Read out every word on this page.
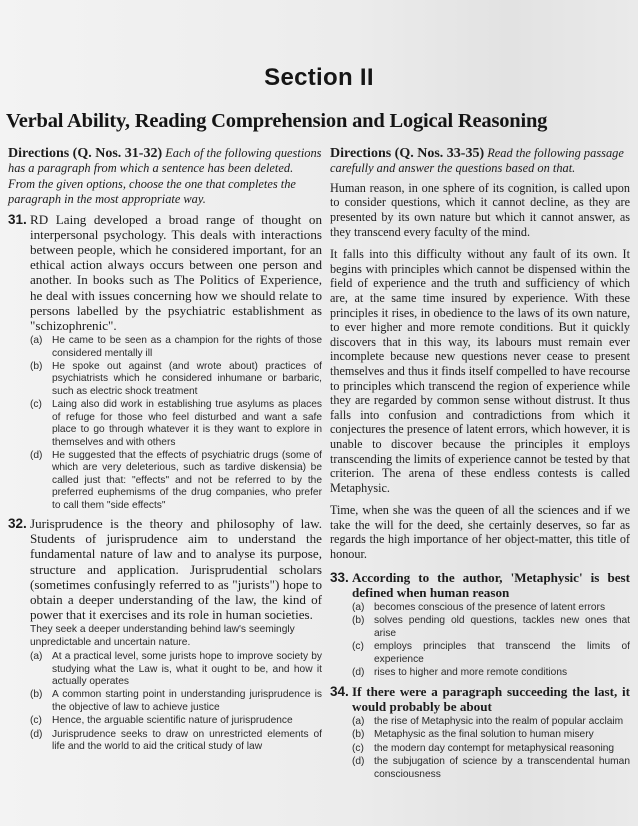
Section II
Verbal Ability, Reading Comprehension and Logical Reasoning

Directions (Q. Nos. 31-32) Each of the following questions has a paragraph from which a sentence has been deleted. From the given options, choose the one that completes the paragraph in the most appropriate way.

31. RD Laing developed a broad range of thought on interpersonal psychology. This deals with interactions between people, which he considered important, for an ethical action always occurs between one person and another. In books such as The Politics of Experience, he deal with issues concerning how we should relate to persons labelled by the psychiatric establishment as "schizophrenic".

(a) He came to be seen as a champion for the rights of those considered mentally ill
(b) He spoke out against (and wrote about) practices of psychiatrists which he considered inhumane or barbaric, such as electric shock treatment
(c) Laing also did work in establishing true asylums as places of refuge for those who feel disturbed and want a safe place to go through whatever it is they want to explore in themselves and with others
(d) He suggested that the effects of psychiatric drugs (some of which are very deleterious, such as tardive diskensia) be called just that: "effects" and not be referred to by the preferred euphemisms of the drug companies, who prefer to call them "side effects"
32. Jurisprudence is the theory and philosophy of law. Students of jurisprudence aim to understand the fundamental nature of law and to analyse its purpose, structure and application. Jurisprudential scholars (sometimes confusingly referred to as "jurists") hope to obtain a deeper understanding of the law, the kind of power that it exercises and its role in human societies.

They seek a deeper understanding behind law's seemingly unpredictable and uncertain nature.

(a) At a practical level, some jurists hope to improve society by studying what the Law is, what it ought to be, and how it actually operates
(b) A common starting point in understanding jurisprudence is the objective of law to achieve justice
(c) Hence, the arguable scientific nature of jurisprudence
(d) Jurisprudence seeks to draw on unrestricted elements of life and the world to aid the critical study of law

Directions (Q. Nos. 33-35) Read the following passage carefully and answer the questions based on that.

Human reason, in one sphere of its cognition, is called upon to consider questions, which it cannot decline, as they are presented by its own nature but which it cannot answer, as they transcend every faculty of the mind.

It falls into this difficulty without any fault of its own. It begins with principles which cannot be dispensed within the field of experience and the truth and sufficiency of which are, at the same time insured by experience. With these principles it rises, in obedience to the laws of its own nature, to ever higher and more remote conditions. But it quickly discovers that in this way, its labours must remain ever incomplete because new questions never cease to present themselves and thus it finds itself compelled to have recourse to principles which transcend the region of experience while they are regarded by common sense without distrust. It thus falls into confusion and contradictions from which it conjectures the presence of latent errors, which however, it is unable to discover because the principles it employs transcending the limits of experience cannot be tested by that criterion. The arena of these endless contests is called Metaphysic.

Time, when she was the queen of all the sciences and if we take the will for the deed, she certainly deserves, so far as regards the high importance of her object-matter, this title of honour.

33. According to the author, 'Metaphysic' is best defined when human reason

(a) becomes conscious of the presence of latent errors
(b) solves pending old questions, tackles new ones that arise
(c) employs principles that transcend the limits of experience
(d) rises to higher and more remote conditions
34. If there were a paragraph succeeding the last, it would probably be about

(a) the rise of Metaphysic into the realm of popular acclaim
(b) Metaphysic as the final solution to human misery
(c) the modern day contempt for metaphysical reasoning
(d) the subjugation of science by a transcendental human consciousness
